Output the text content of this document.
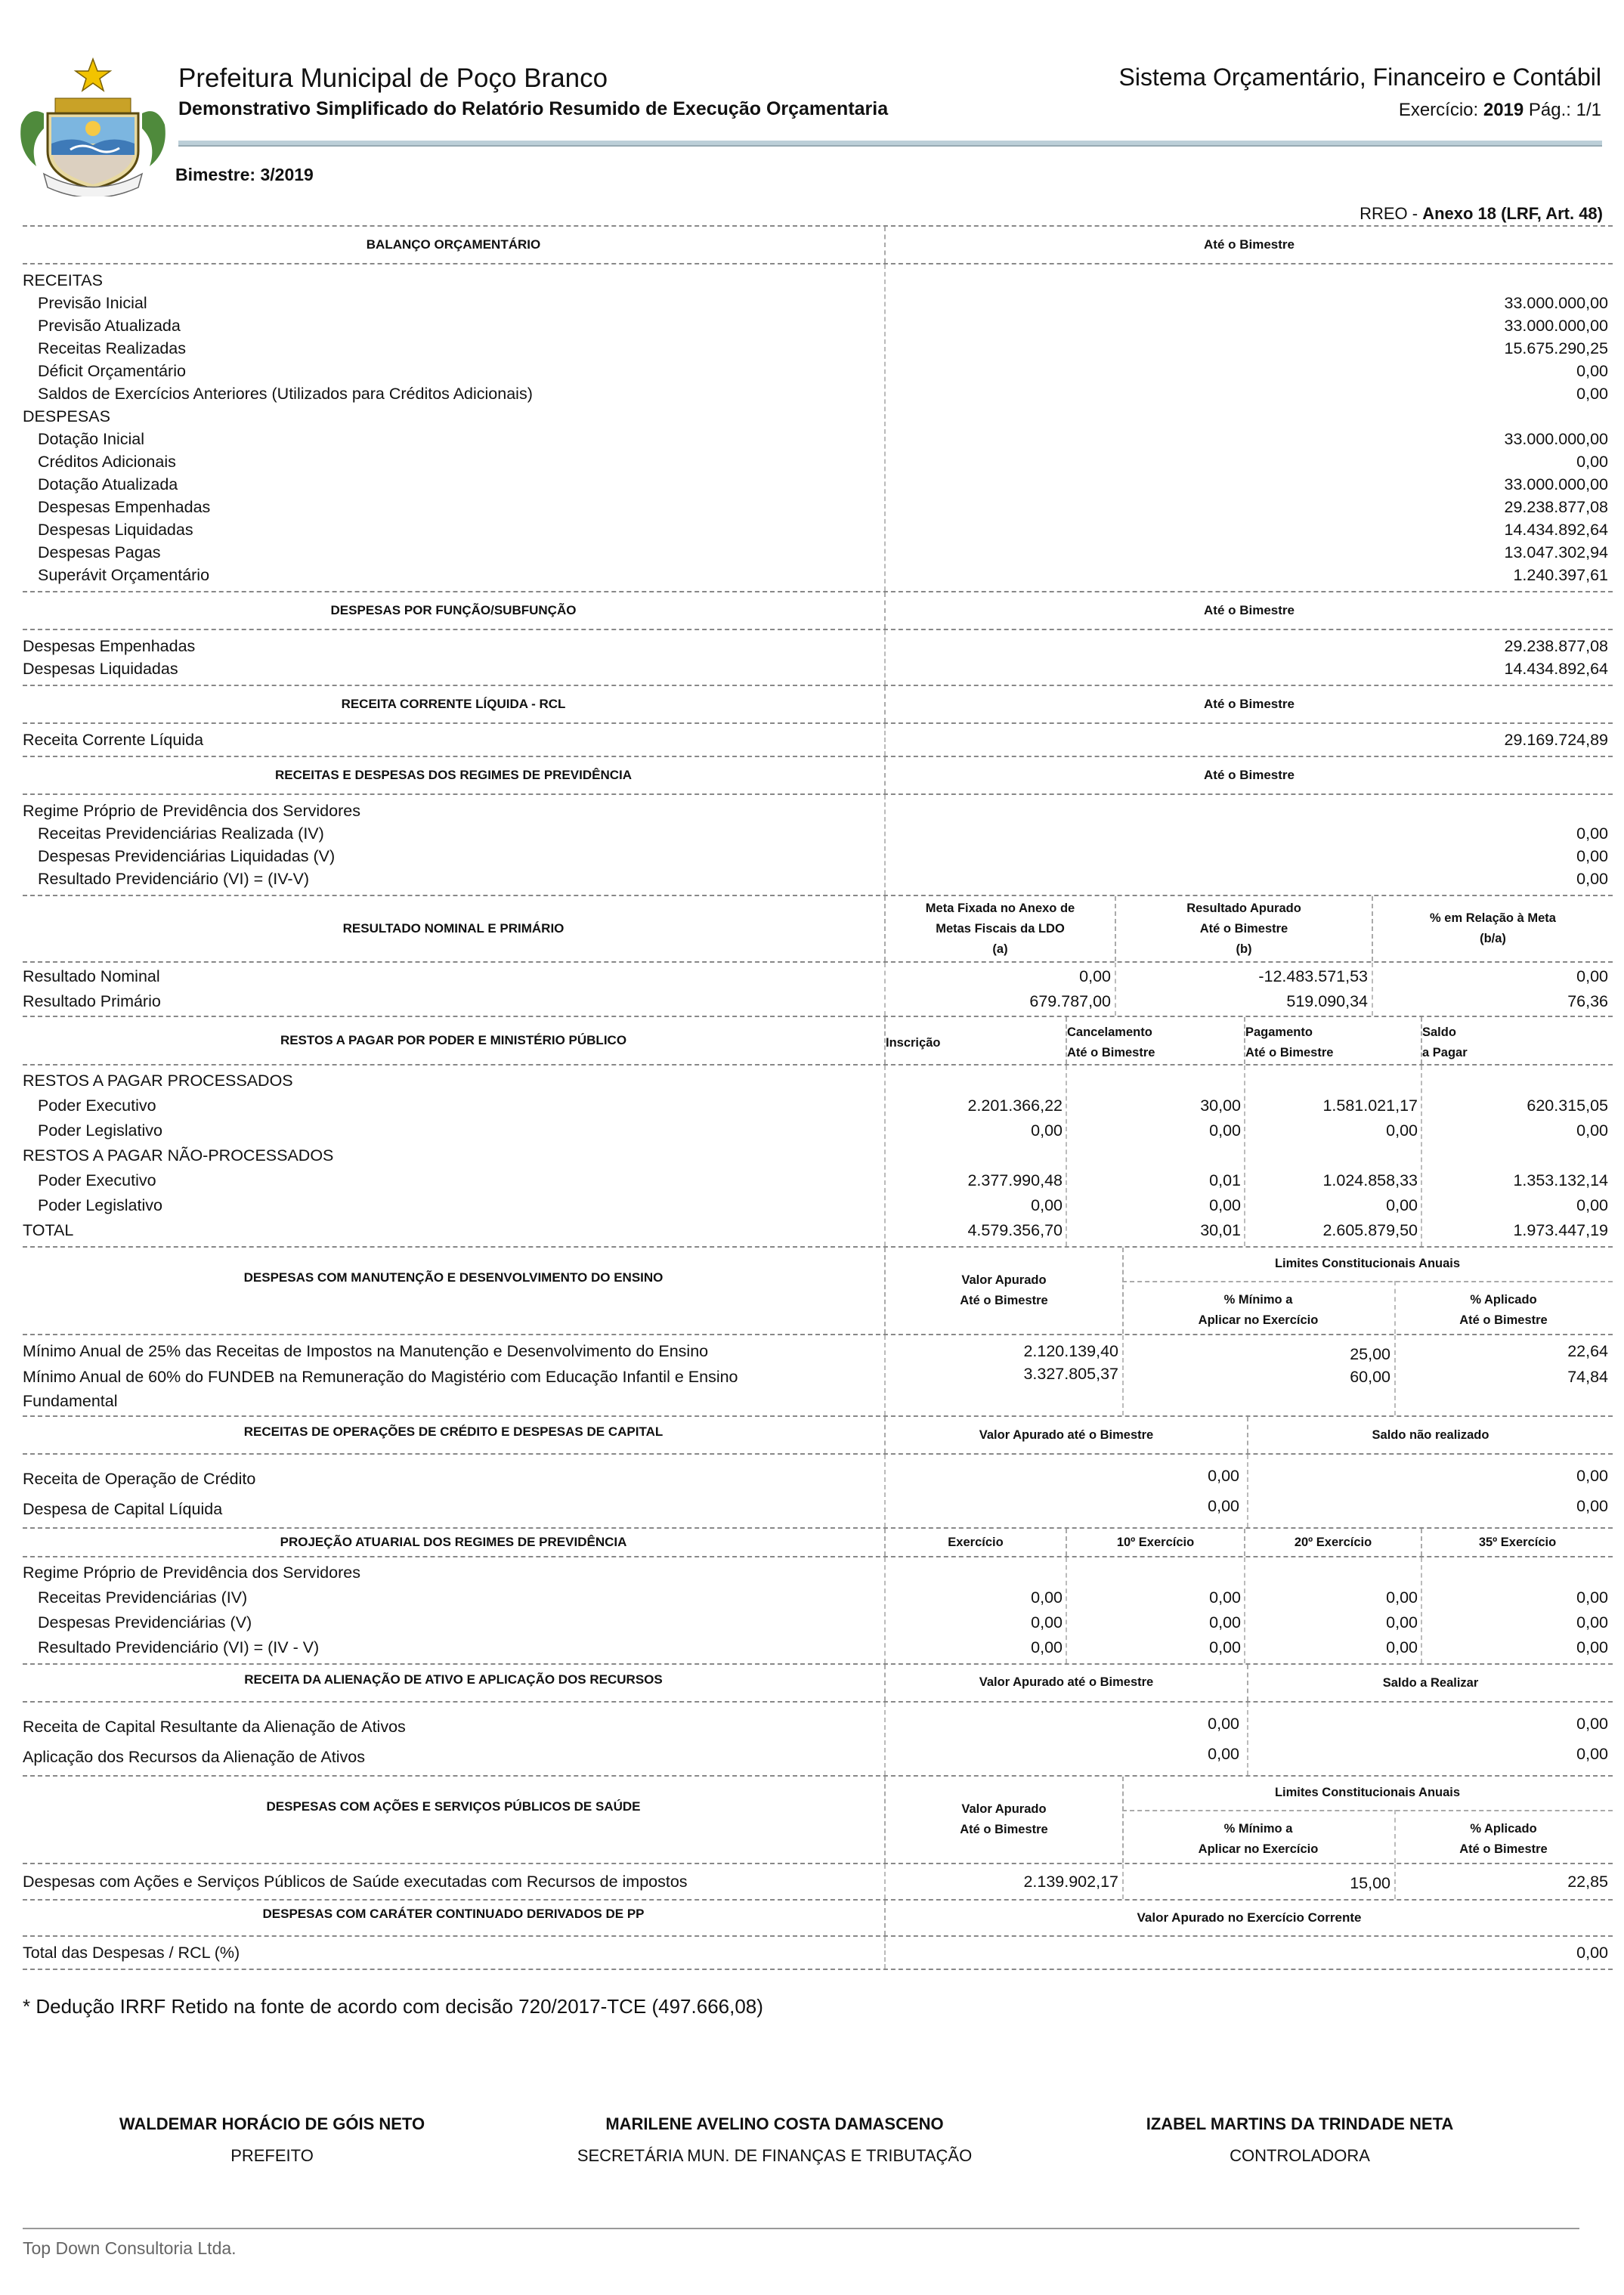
Prefeitura Municipal de Poço Branco
Demonstrativo Simplificado do Relatório Resumido de Execução Orçamentaria
Sistema Orçamentário, Financeiro e Contábil
Exercício: 2019 Pág.: 1/1
Bimestre: 3/2019
RREO - Anexo 18 (LRF, Art. 48)
BALANÇO ORÇAMENTÁRIO	Até o Bimestre
RECEITAS
Previsão Inicial	33.000.000,00
Previsão Atualizada	33.000.000,00
Receitas Realizadas	15.675.290,25
Déficit Orçamentário	0,00
Saldos de Exercícios Anteriores (Utilizados para Créditos Adicionais)	0,00
DESPESAS
Dotação Inicial	33.000.000,00
Créditos Adicionais	0,00
Dotação Atualizada	33.000.000,00
Despesas Empenhadas	29.238.877,08
Despesas Liquidadas	14.434.892,64
Despesas Pagas	13.047.302,94
Superávit Orçamentário	1.240.397,61
DESPESAS POR FUNÇÃO/SUBFUNÇÃO	Até o Bimestre
Despesas Empenhadas	29.238.877,08
Despesas Liquidadas	14.434.892,64
RECEITA CORRENTE LÍQUIDA - RCL	Até o Bimestre
Receita Corrente Líquida	29.169.724,89
RECEITAS E DESPESAS DOS REGIMES DE PREVIDÊNCIA	Até o Bimestre
Regime Próprio de Previdência dos Servidores
Receitas Previdenciárias Realizada (IV)	0,00
Despesas Previdenciárias Liquidadas (V)	0,00
Resultado Previdenciário (VI) = (IV-V)	0,00
RESULTADO NOMINAL E PRIMÁRIO
Meta Fixada no Anexo de
Metas Fiscais da LDO
(a)
Resultado Apurado
Até o Bimestre
(b)
% em Relação à Meta
(b/a)
Resultado Nominal	0,00	-12.483.571,53	0,00
Resultado Primário	679.787,00	519.090,34	76,36
RESTOS A PAGAR POR PODER E MINISTÉRIO PÚBLICO	Inscrição
Cancelamento
Até o Bimestre
Pagamento
Até o Bimestre
Saldo
a Pagar
RESTOS A PAGAR PROCESSADOS
Poder Executivo	2.201.366,22	30,00	1.581.021,17	620.315,05
Poder Legislativo	0,00	0,00	0,00	0,00
RESTOS A PAGAR NÃO-PROCESSADOS
Poder Executivo	2.377.990,48	0,01	1.024.858,33	1.353.132,14
Poder Legislativo	0,00	0,00	0,00	0,00
TOTAL	4.579.356,70	30,01	2.605.879,50	1.973.447,19
DESPESAS COM MANUTENÇÃO E DESENVOLVIMENTO DO ENSINO	Valor Apurado
Até o Bimestre
Limites Constitucionais Anuais
% Mínimo a
Aplicar no Exercício
% Aplicado
Até o Bimestre
Mínimo Anual de 25% das Receitas de Impostos na Manutenção e Desenvolvimento do Ensino	2.120.139,40	25,00	22,64
Mínimo Anual de 60% do FUNDEB na Remuneração do Magistério com Educação Infantil e Ensino	3.327.805,37	60,00	74,84
Fundamental
RECEITAS DE OPERAÇÕES DE CRÉDITO E DESPESAS DE CAPITAL	Valor Apurado até o Bimestre	Saldo não realizado
Receita de Operação de Crédito	0,00	0,00
Despesa de Capital Líquida	0,00	0,00
PROJEÇÃO ATUARIAL DOS REGIMES DE PREVIDÊNCIA	Exercício	10º Exercício	20º Exercício	35º Exercício
Regime Próprio de Previdência dos Servidores
Receitas Previdenciárias (IV)	0,00	0,00	0,00	0,00
Despesas Previdenciárias (V)	0,00	0,00	0,00	0,00
Resultado Previdenciário (VI) = (IV - V)	0,00	0,00	0,00	0,00
RECEITA DA ALIENAÇÃO DE ATIVO E APLICAÇÃO DOS RECURSOS	Valor Apurado até o Bimestre	Saldo a Realizar
Receita de Capital Resultante da Alienação de Ativos	0,00	0,00
Aplicação dos Recursos da Alienação de Ativos	0,00	0,00
DESPESAS COM AÇÕES E SERVIÇOS PÚBLICOS DE SAÚDE	Valor Apurado
Até o Bimestre
Limites Constitucionais Anuais
% Mínimo a
Aplicar no Exercício
% Aplicado
Até o Bimestre
Despesas com Ações e Serviços Públicos de Saúde executadas com Recursos de impostos	2.139.902,17	15,00	22,85
DESPESAS COM CARÁTER CONTINUADO DERIVADOS DE PP	Valor Apurado no Exercício Corrente
Total das Despesas / RCL (%)	0,00
* Dedução IRRF Retido na fonte de acordo com decisão 720/2017-TCE (497.666,08)
WALDEMAR HORÁCIO DE GÓIS NETO
PREFEITO
MARILENE AVELINO COSTA DAMASCENO
SECRETÁRIA MUN. DE FINANÇAS E TRIBUTAÇÃO
IZABEL MARTINS DA TRINDADE NETA
CONTROLADORA
Top Down Consultoria Ltda.
